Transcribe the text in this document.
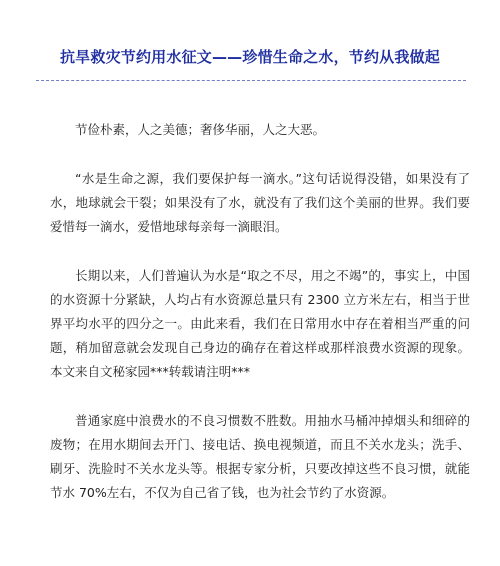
抗旱救灾节约用水征文——珍惜生命之水，节约从我做起

节俭朴素，人之美德；奢侈华丽，人之大恶。

“水是生命之源，我们要保护每一滴水。”这句话说得没错，如果没有了水，地球就会干裂；如果没有了水，就没有了我们这个美丽的世界。我们要爱惜每一滴水，爱惜地球每亲每一滴眼泪。

长期以来，人们普遍认为水是“取之不尽，用之不竭”的，事实上，中国的水资源十分紧缺，人均占有水资源总量只有 2300 立方米左右，相当于世界平均水平的四分之一。由此来看，我们在日常用水中存在着相当严重的问题，稍加留意就会发现自己身边的确存在着这样或那样浪费水资源的现象。本文来自文秘家园***转载请注明***

普通家庭中浪费水的不良习惯数不胜数。用抽水马桶冲掉烟头和细碎的废物；在用水期间去开门、接电话、换电视频道，而且不关水龙头；洗手、刷牙、洗脸时不关水龙头等。根据专家分析，只要改掉这些不良习惯，就能节水 70%左右，不仅为自己省了钱，也为社会节约了水资源。
